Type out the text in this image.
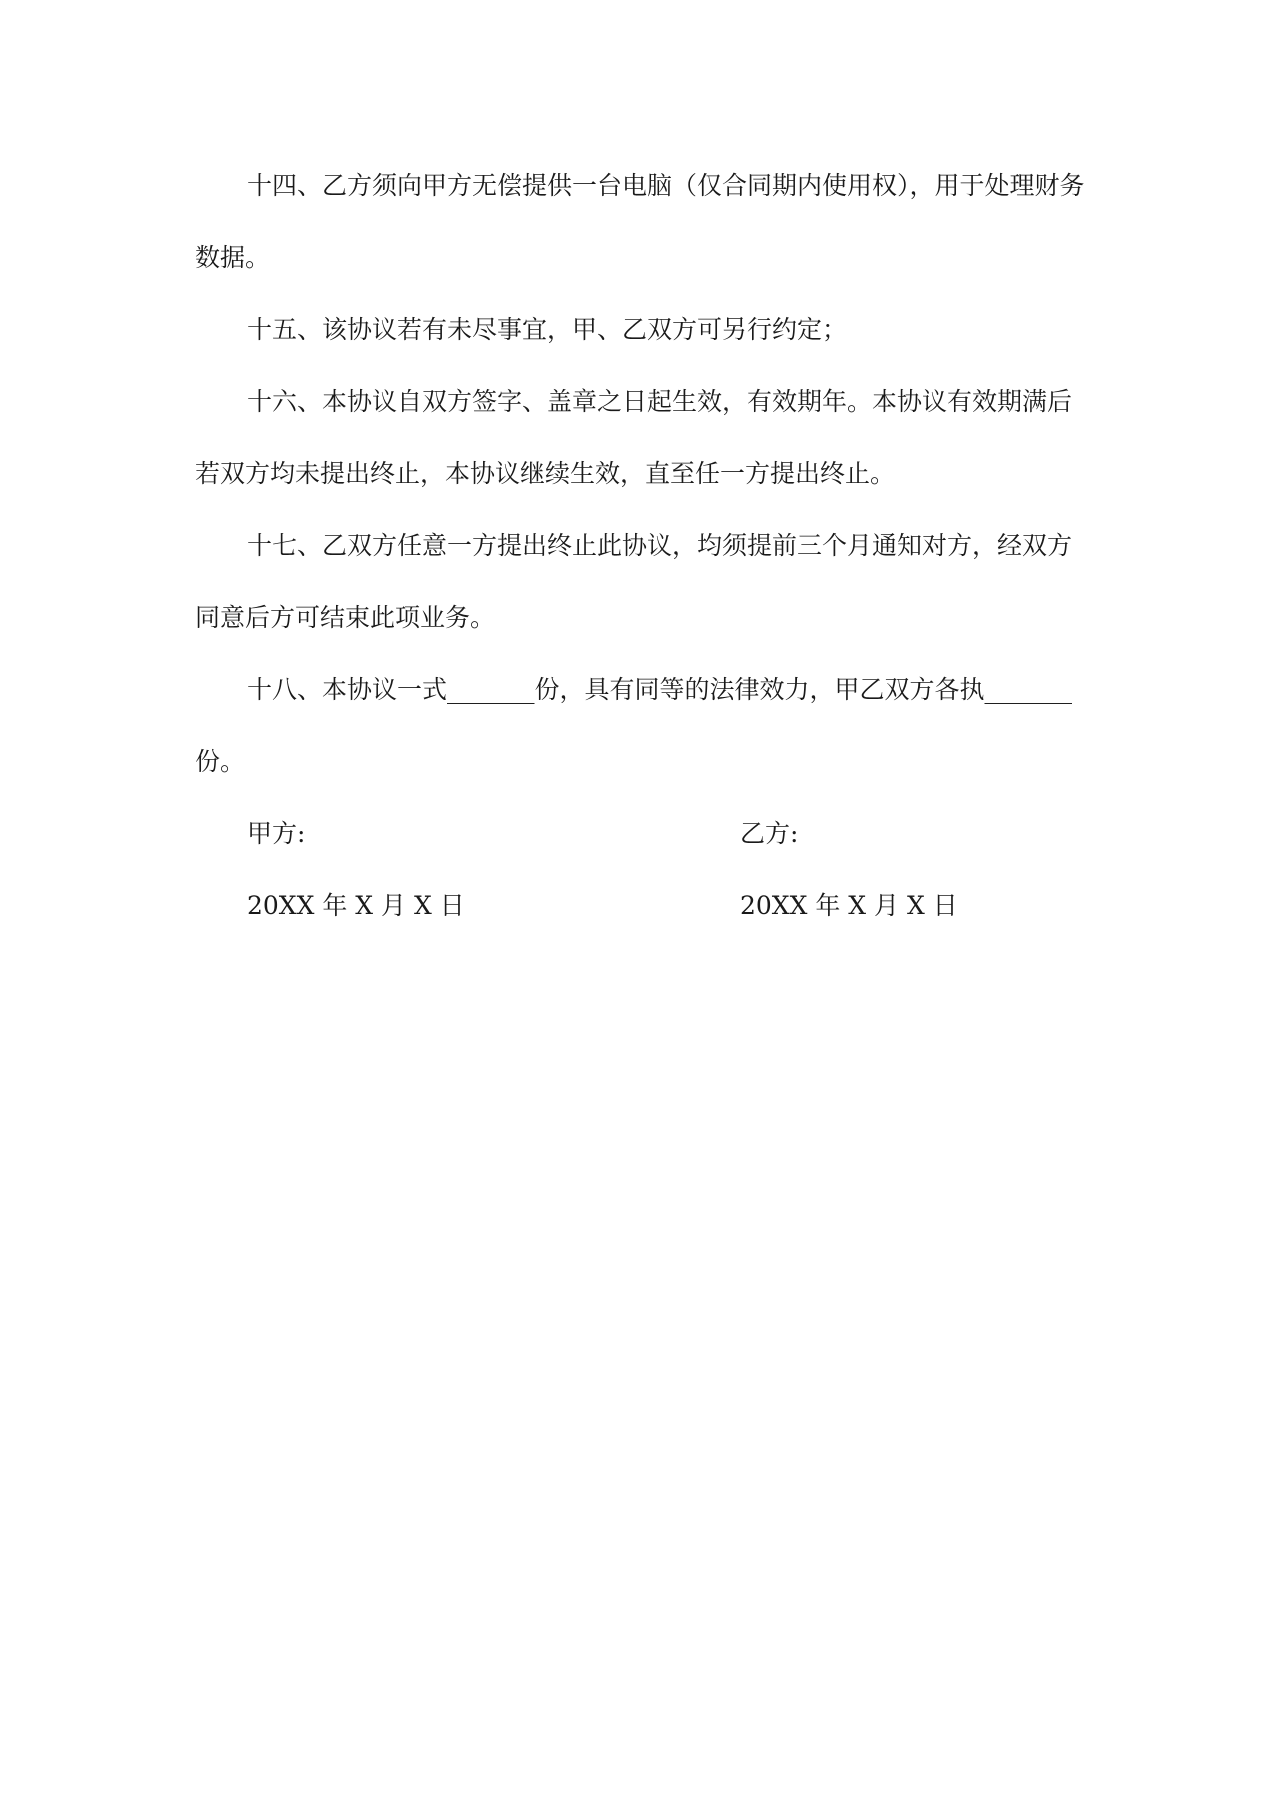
十四、乙方须向甲方无偿提供一台电脑（仅合同期内使用权），用于处理财务数据。

十五、该协议若有未尽事宜，甲、乙双方可另行约定；

十六、本协议自双方签字、盖章之日起生效，有效期年。本协议有效期满后若双方均未提出终止，本协议继续生效，直至任一方提出终止。

十七、乙双方任意一方提出终止此协议，均须提前三个月通知对方，经双方同意后方可结束此项业务。

十八、本协议一式_______份，具有同等的法律效力，甲乙双方各执_______份。

甲方:	乙方:
20XX 年 X 月 X 日	20XX 年 X 月 X 日
